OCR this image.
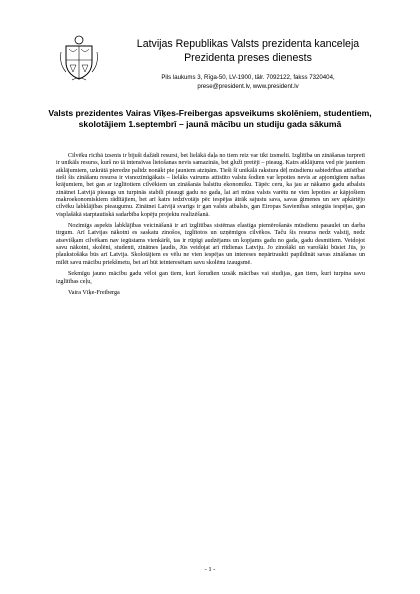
Latvijas Republikas Valsts prezidenta kanceleja
Prezidenta preses dienests
Pils laukums 3, Rīga-50, LV-1900, tālr. 7092122, fakss 7320404,
prese@president.lv, www.president.lv
Valsts prezidentes Vairas Vīķes-Freibergas apsveikums skolēniem, studentiem, skolotājiem 1.septembrī – jaunā mācību un studiju gada sākumā

Cilvēku rīcībā izsenis ir bijuši dažādi resursi, bet lielākā daļa no tiem reiz var tikt izsmelti. Izglītība un zināšanas turpretī ir unikāls resurss, kurš no tā intensīvas lietošanas nevis samazinās, bet gluži pretēji – pieaug. Katrs atklājums ved pie jauniem atklājumiem, uzkrātā pieredze palīdz nonākt pie jauniem atziņām. Tieši šī unikālā rakstura dēļ mūsdienu sabiedrības attīstībai tieši šis zināšanu resurss ir visnozīmīgākais – lielāks vairums attīstīto valstu šodien var lepoties nevis ar apjomīgiem naftas krājumiem, bet gan ar izglītotiem cilvēkiem un zināšanās balstītu ekonomiku. Tāpēc ceru, ka jau ar nākamo gadu atbalsts zinātnei Latvijā pieaugs un turpinās stabili pieaugt gadu no gada, lai arī mūsu valsts varētu ne vien lepoties ar kāpjošiem makroekonomiskiem rādītājiem, bet arī katrs iedzīvotājs pēc iespējas ātrāk sajustu sava, savas ģimenes un sev apkārtējo cilvēku labklājības pieaugumu. Zinātnei Latvijā svarīgs ir gan valsts atbalsts, gan Eiropas Savienības sniegtās iespējas, gan visplašākā starptautiskā sadarbība kopēju projektu realizēšanā.

Nozīmīgs aspekts labklājības veicināšanā ir arī izglītības sistēmas elastīga piemērošanās mūsdienu pasaulei un darba tirgum. Arī Latvijas nākotni es saskatu zinošos, izglītotos un uzņēmīgos cilvēkos. Taču šis resurss nedz valstij, nedz atsevišķam cilvēkam nav iegūstams vienkārši, tas ir rūpīgi audzējams un kopjams gadu no gada, gadu desmitiem. Veidojot savu nākotni, skolēni, studenti, zinātnes ļaudis, Jūs veidojat arī rītdienas Latviju. Jo zinošāki un varošāki būsiet Jūs, jo plaukstošāka būs arī Latvija. Skolotājiem es vēlu ne vien iespējas un intereses nepārtraukti papildināt savas zināšanas un mīlēt savu mācību priekšmetu, bet arī būt ieinteresētam savu skolēnu izaugsmē.

Sekmīgu jauno mācību gadu vēlot gan tiem, kuri šorudien uzsāk mācības vai studijas, gan tiem, kuri turpina savu izglītības ceļu,

Vaira Vīķe-Freiberga

- 1 -
